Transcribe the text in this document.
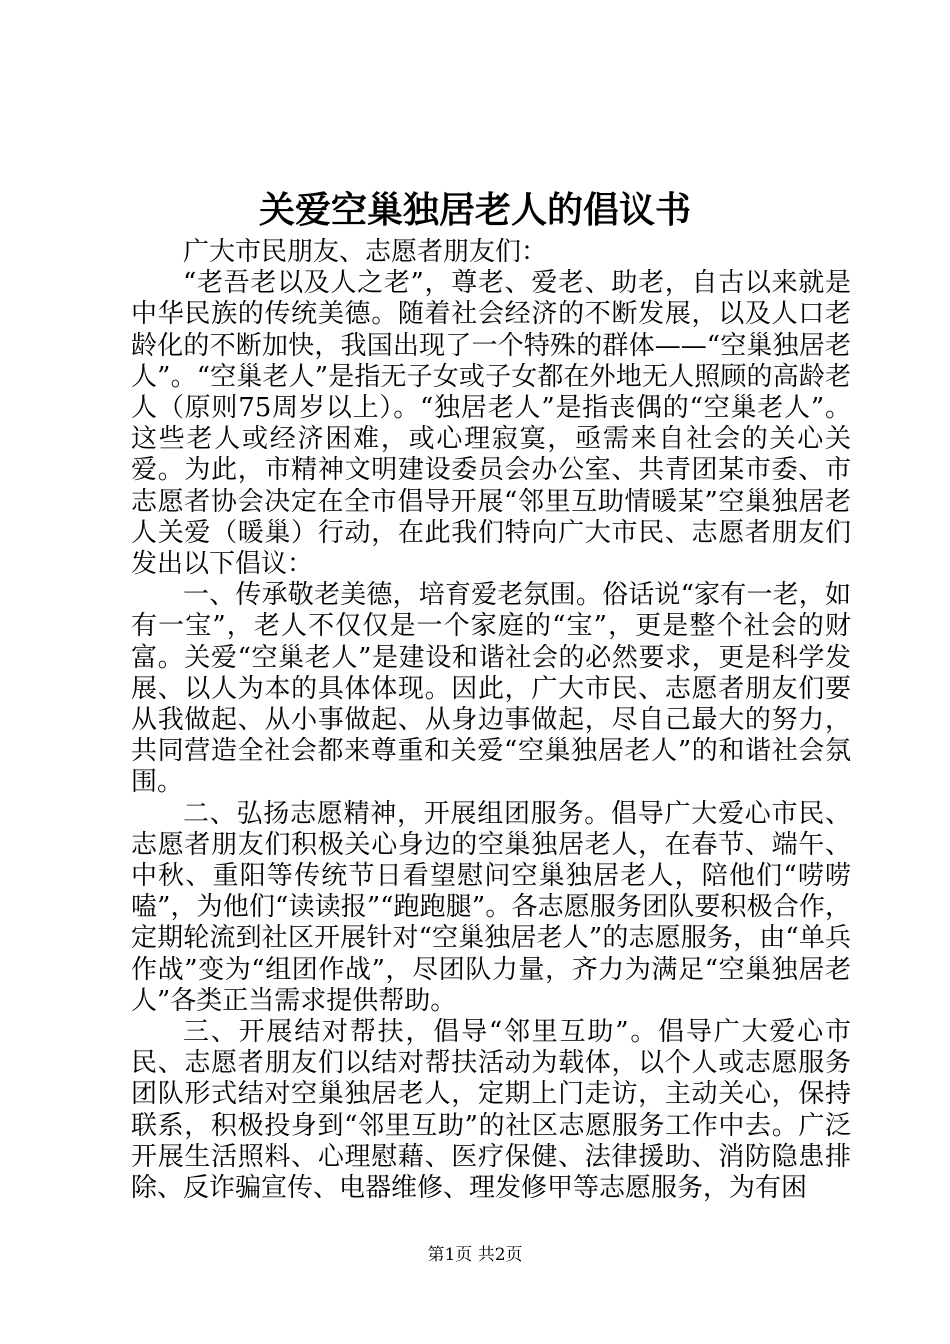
关爱空巢独居老人的倡议书

广大市民朋友、志愿者朋友们：

“老吾老以及人之老”，尊老、爱老、助老，自古以来就是中华民族的传统美德。随着社会经济的不断发展，以及人口老龄化的不断加快，我国出现了一个特殊的群体——“空巢独居老人”。“空巢老人”是指无子女或子女都在外地无人照顾的高龄老人（原则75周岁以上）。“独居老人”是指丧偶的“空巢老人”。这些老人或经济困难，或心理寂寞，亟需来自社会的关心关爱。为此，市精神文明建设委员会办公室、共青团某市委、市志愿者协会决定在全市倡导开展“邻里互助情暖某”空巢独居老人关爱（暖巢）行动，在此我们特向广大市民、志愿者朋友们发出以下倡议：

一、传承敬老美德，培育爱老氛围。俗话说“家有一老，如有一宝”，老人不仅仅是一个家庭的“宝”，更是整个社会的财富。关爱“空巢老人”是建设和谐社会的必然要求，更是科学发展、以人为本的具体体现。因此，广大市民、志愿者朋友们要从我做起、从小事做起、从身边事做起，尽自己最大的努力，共同营造全社会都来尊重和关爱“空巢独居老人”的和谐社会氛围。

二、弘扬志愿精神，开展组团服务。倡导广大爱心市民、志愿者朋友们积极关心身边的空巢独居老人，在春节、端午、中秋、重阳等传统节日看望慰问空巢独居老人，陪他们“唠唠嗑”，为他们“读读报”“跑跑腿”。各志愿服务团队要积极合作，定期轮流到社区开展针对“空巢独居老人”的志愿服务，由“单兵作战”变为“组团作战”，尽团队力量，齐力为满足“空巢独居老人”各类正当需求提供帮助。

三、开展结对帮扶，倡导“邻里互助”。倡导广大爱心市民、志愿者朋友们以结对帮扶活动为载体，以个人或志愿服务团队形式结对空巢独居老人，定期上门走访，主动关心，保持联系，积极投身到“邻里互助”的社区志愿服务工作中去。广泛开展生活照料、心理慰藉、医疗保健、法律援助、消防隐患排除、反诈骗宣传、电器维修、理发修甲等志愿服务，为有困

第1页 共2页
